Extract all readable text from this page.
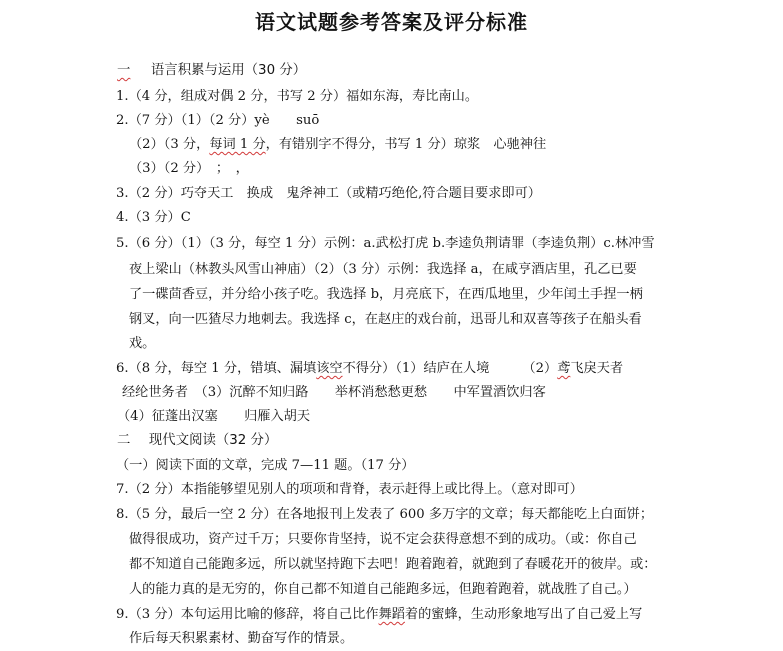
语文试题参考答案及评分标准
一 语言积累与运用（30 分）
1.（4 分，组成对偶 2 分，书写 2 分）福如东海，寿比南山。
2.（7 分）（1）（2 分）yè　　suō
（2）（3 分，每词 1 分，有错别字不得分，书写 1 分）琼浆　心驰神往
（3）（2 分）　；　，
3.（2 分）巧夺天工　换成　鬼斧神工（或精巧绝伦,符合题目要求即可）
4.（3 分）C
5.（6 分）（1）（3 分，每空 1 分）示例：a.武松打虎 b.李逵负荆请罪（李逵负荆）c.林冲雪
夜上梁山（林教头风雪山神庙）（2）（3 分）示例：我选择 a，在咸亨酒店里，孔乙已要
了一碟茴香豆，并分给小孩子吃。我选择 b，月亮底下，在西瓜地里，少年闰土手捏一柄
钢叉，向一匹猹尽力地刺去。我选择 c，在赵庄的戏台前，迅哥儿和双喜等孩子在船头看
戏。
6.（8 分，每空 1 分，错填、漏填该空不得分）（1）结庐在人境　　　（2）鸢飞戾天者
经纶世务者　（3）沉醉不知归路　　举杯消愁愁更愁　　中军置酒饮归客
（4）征蓬出汉塞　　归雁入胡天
二 现代文阅读（32 分）
（一）阅读下面的文章，完成 7—11 题。（17 分）
7.（2 分）本指能够望见别人的项项和背脊，表示赶得上或比得上。（意对即可）
8.（5 分，最后一空 2 分）在各地报刊上发表了 600 多万字的文章；每天都能吃上白面饼；
做得很成功，资产过千万；只要你肯坚持，说不定会获得意想不到的成功。（或：你自己
都不知道自己能跑多远，所以就坚持跑下去吧！跑着跑着，就跑到了春暖花开的彼岸。或：
人的能力真的是无穷的，你自己都不知道自己能跑多远，但跑着跑着，就战胜了自己。）
9.（3 分）本句运用比喻的修辞，将自己比作舞蹈着的蜜蜂，生动形象地写出了自己爱上写
作后每天积累素材、勤奋写作的情景。
